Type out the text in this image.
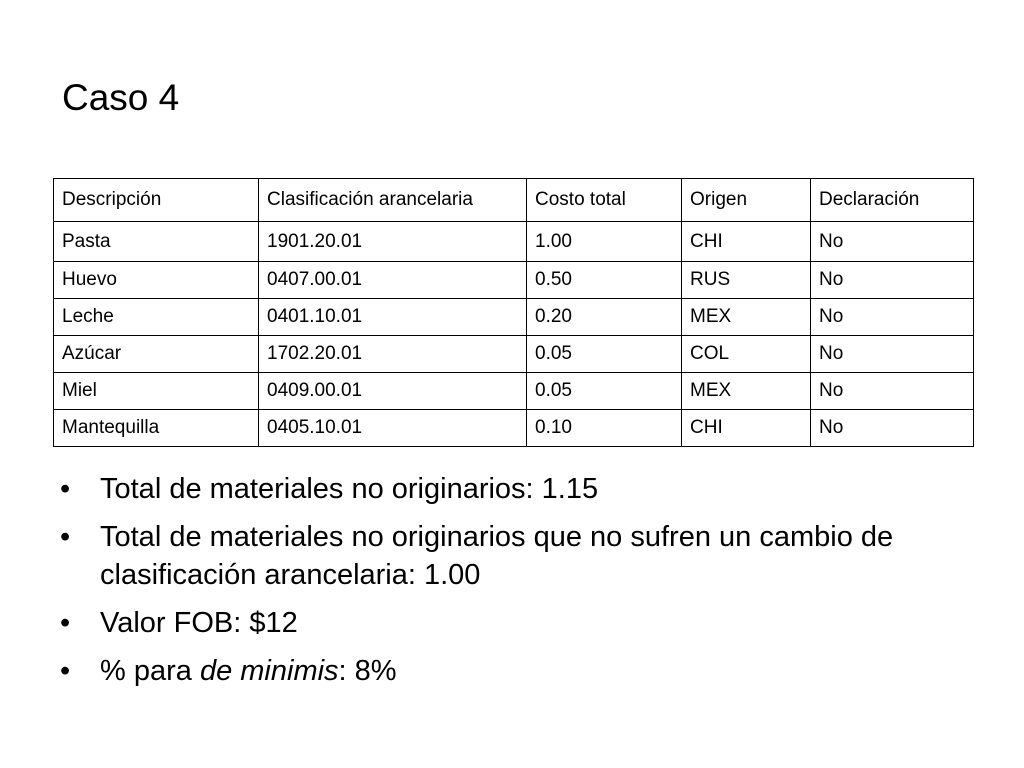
Caso 4
Descripción	Clasificación arancelaria	Costo total	Origen	Declaración
Pasta	1901.20.01	1.00	CHI	No
Huevo	0407.00.01	0.50	RUS	No
Leche	0401.10.01	0.20	MEX	No
Azúcar	1702.20.01	0.05	COL	No
Miel	0409.00.01	0.05	MEX	No
Mantequilla	0405.10.01	0.10	CHI	No
• Total de materiales no originarios: 1.15
• Total de materiales no originarios que no sufren un cambio de clasificación arancelaria: 1.00
• Valor FOB: $12
• % para de minimis: 8%
